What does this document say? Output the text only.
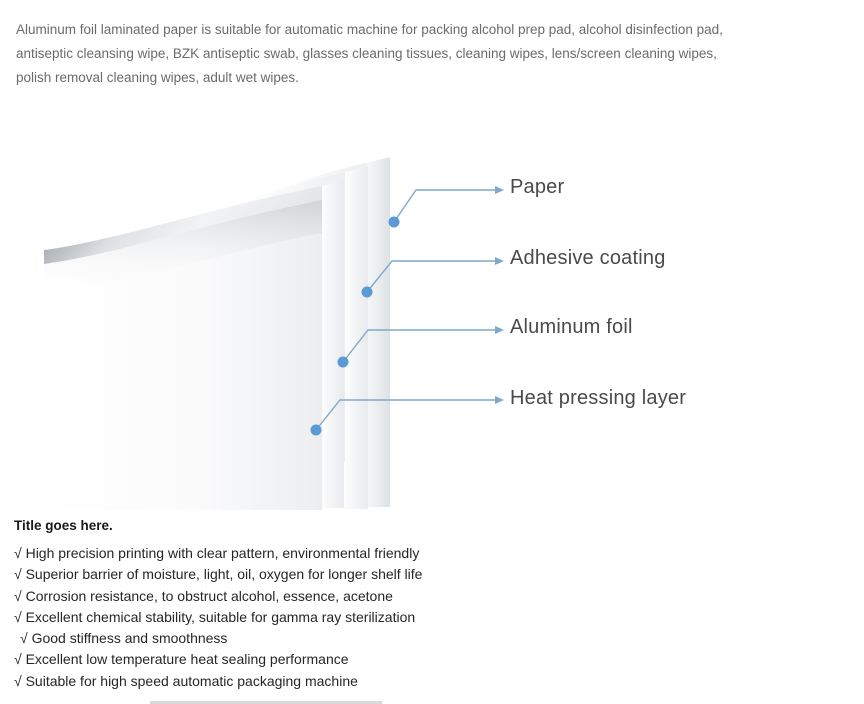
Aluminum foil laminated paper is suitable for automatic machine for packing alcohol prep pad, alcohol disinfection pad,

antiseptic cleansing wipe, BZK antiseptic swab, glasses cleaning tissues, cleaning wipes, lens/screen cleaning wipes,

polish removal cleaning wipes, adult wet wipes.

Paper
Adhesive coating
Aluminum foil
Heat pressing layer
Title goes here.
√ High precision printing with clear pattern, environmental friendly
√ Superior barrier of moisture, light, oil, oxygen for longer shelf life
√ Corrosion resistance, to obstruct alcohol, essence, acetone
√ Excellent chemical stability, suitable for gamma ray sterilization
√ Good stiffness and smoothness
√ Excellent low temperature heat sealing performance
√ Suitable for high speed automatic packaging machine
